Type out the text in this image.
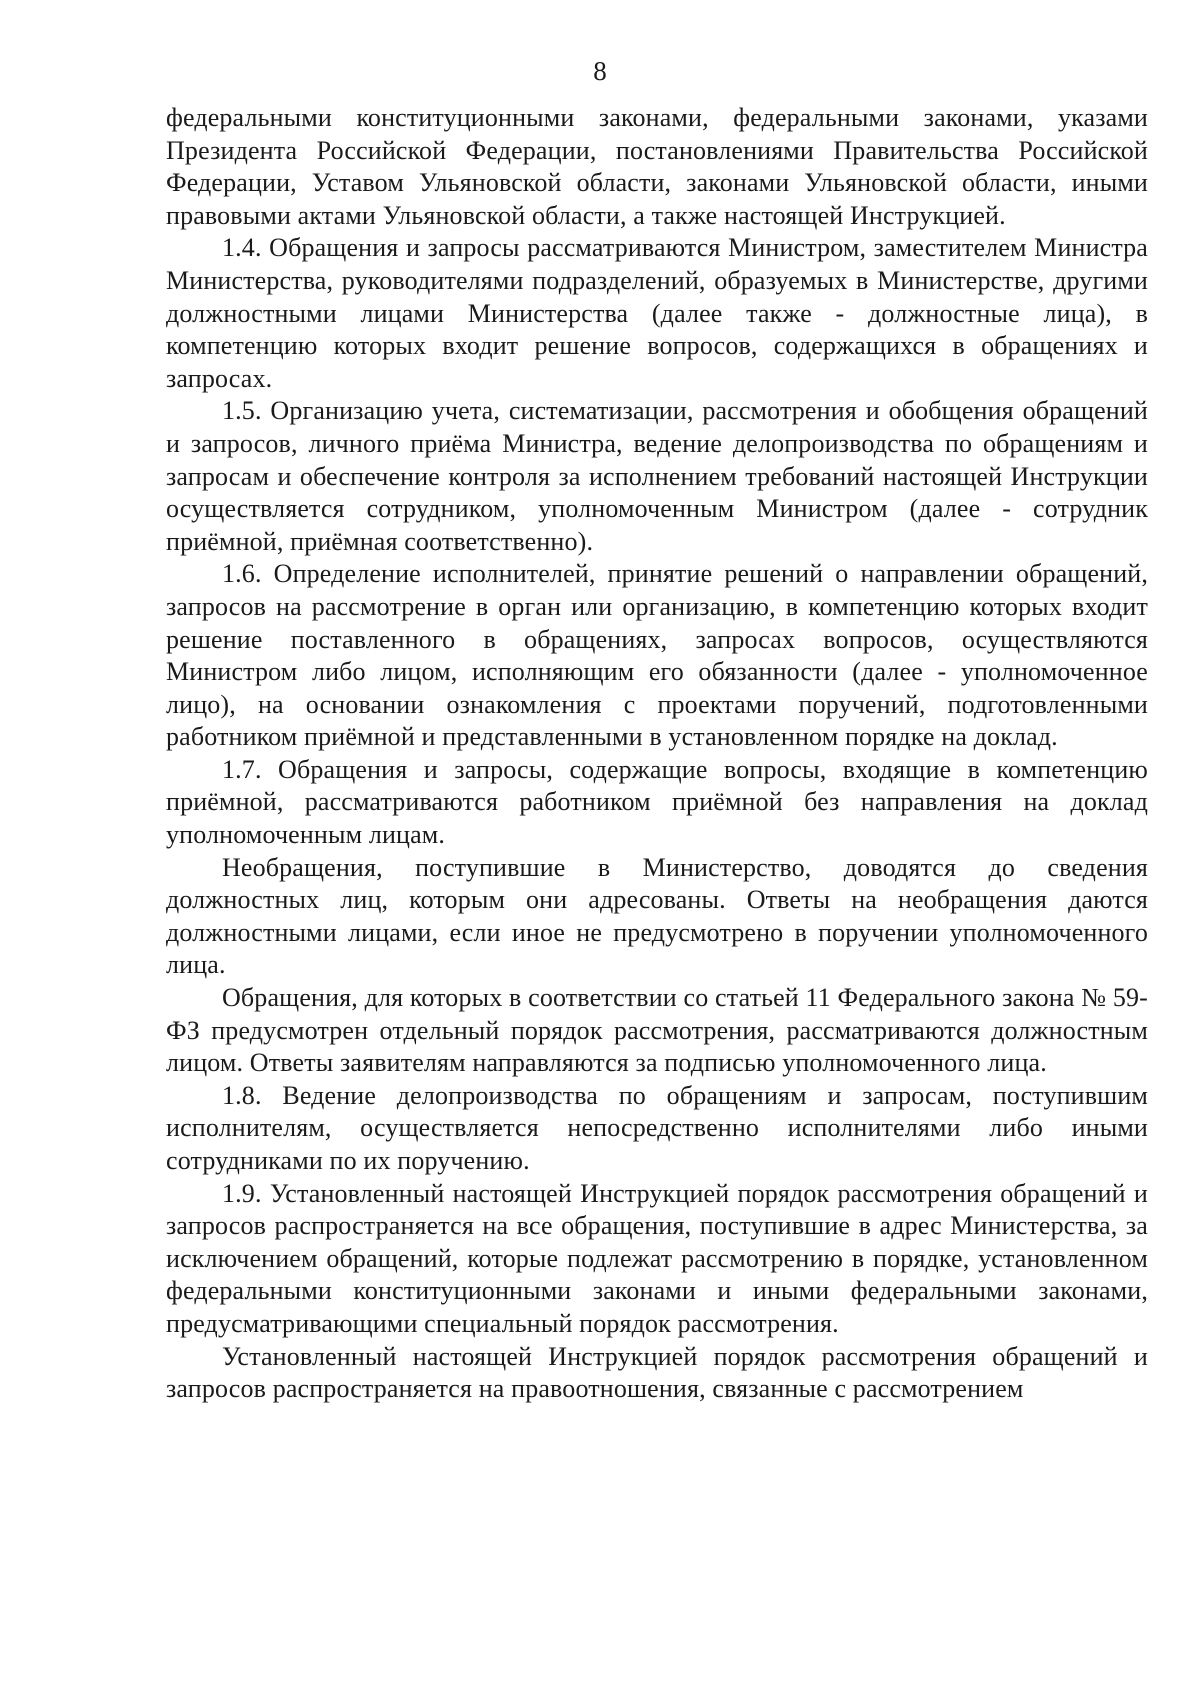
8

федеральными конституционными законами, федеральными законами, указами Президента Российской Федерации, постановлениями Правительства Российской Федерации, Уставом Ульяновской области, законами Ульяновской области, иными правовыми актами Ульяновской области, а также настоящей Инструкцией.

1.4. Обращения и запросы рассматриваются Министром, заместителем Министра Министерства, руководителями подразделений, образуемых в Министерстве, другими должностными лицами Министерства (далее также - должностные лица), в компетенцию которых входит решение вопросов, содержащихся в обращениях и запросах.

1.5. Организацию учета, систематизации, рассмотрения и обобщения обращений и запросов, личного приёма Министра, ведение делопроизводства по обращениям и запросам и обеспечение контроля за исполнением требований настоящей Инструкции осуществляется сотрудником, уполномоченным Министром (далее - сотрудник приёмной, приёмная соответственно).

1.6. Определение исполнителей, принятие решений о направлении обращений, запросов на рассмотрение в орган или организацию, в компетенцию которых входит решение поставленного в обращениях, запросах вопросов, осуществляются Министром либо лицом, исполняющим его обязанности (далее - уполномоченное лицо), на основании ознакомления с проектами поручений, подготовленными работником приёмной и представленными в установленном порядке на доклад.

1.7. Обращения и запросы, содержащие вопросы, входящие в компетенцию приёмной, рассматриваются работником приёмной без направления на доклад уполномоченным лицам.

Необращения, поступившие в Министерство, доводятся до сведения должностных лиц, которым они адресованы. Ответы на необращения даются должностными лицами, если иное не предусмотрено в поручении уполномоченного лица.

Обращения, для которых в соответствии со статьей 11 Федерального закона № 59-ФЗ предусмотрен отдельный порядок рассмотрения, рассматриваются должностным лицом. Ответы заявителям направляются за подписью уполномоченного лица.

1.8. Ведение делопроизводства по обращениям и запросам, поступившим исполнителям, осуществляется непосредственно исполнителями либо иными сотрудниками по их поручению.

1.9. Установленный настоящей Инструкцией порядок рассмотрения обращений и запросов распространяется на все обращения, поступившие в адрес Министерства, за исключением обращений, которые подлежат рассмотрению в порядке, установленном федеральными конституционными законами и иными федеральными законами, предусматривающими специальный порядок рассмотрения.

Установленный настоящей Инструкцией порядок рассмотрения обращений и запросов распространяется на правоотношения, связанные с рассмотрением
